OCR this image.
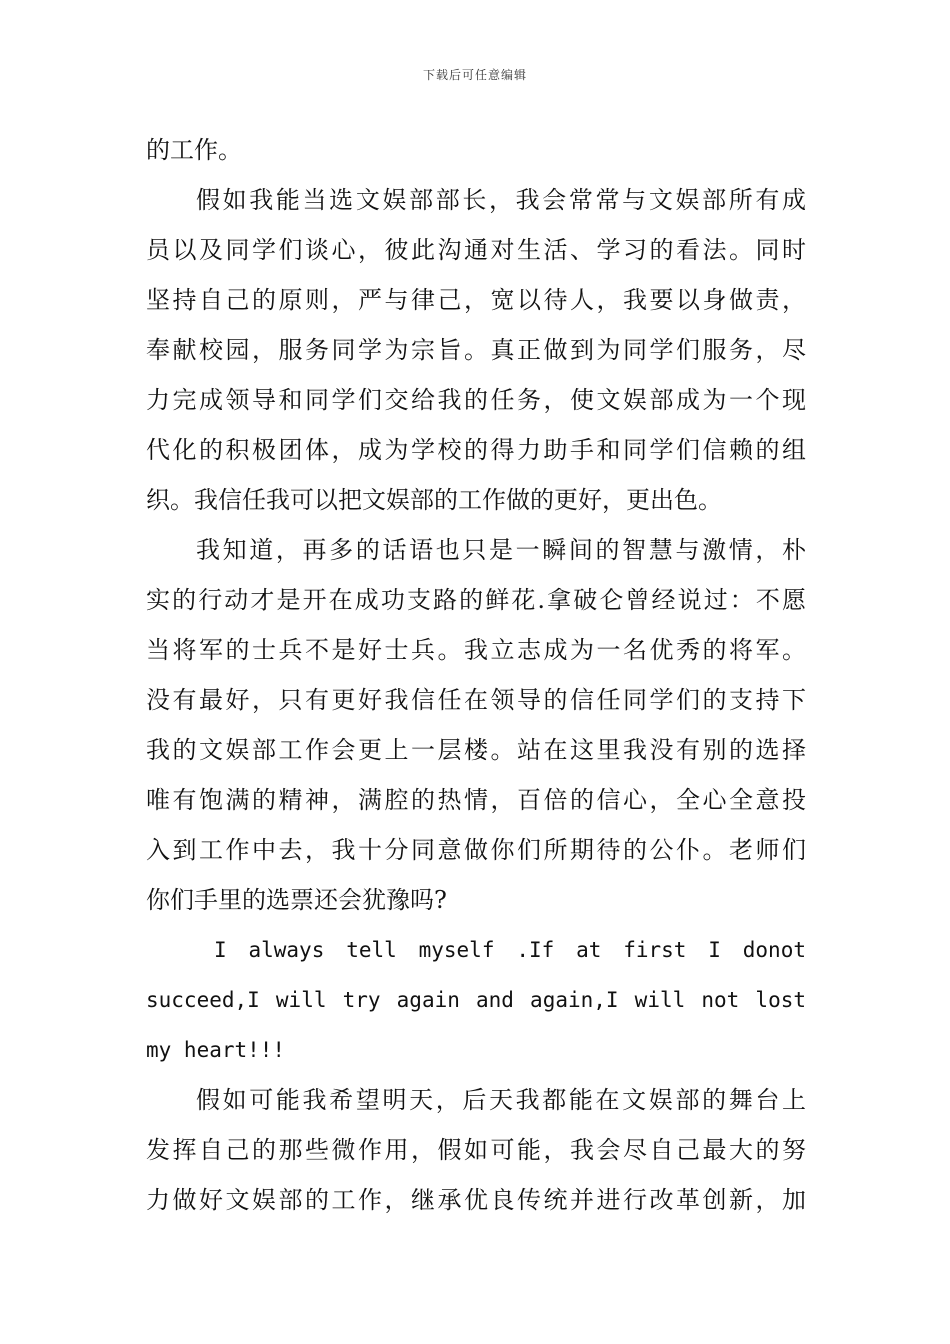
下载后可任意编辑
的工作。
假如我能当选文娱部部长，我会常常与文娱部所有成
员以及同学们谈心，彼此沟通对生活、学习的看法。同时
坚持自己的原则，严与律己，宽以待人，我要以身做责，
奉献校园，服务同学为宗旨。真正做到为同学们服务，尽
力完成领导和同学们交给我的任务，使文娱部成为一个现
代化的积极团体，成为学校的得力助手和同学们信赖的组
织。我信任我可以把文娱部的工作做的更好，更出色。
我知道，再多的话语也只是一瞬间的智慧与激情，朴
实的行动才是开在成功支路的鲜花.拿破仑曾经说过：不愿
当将军的士兵不是好士兵。我立志成为一名优秀的将军。
没有最好，只有更好我信任在领导的信任同学们的支持下
我的文娱部工作会更上一层楼。站在这里我没有别的选择
唯有饱满的精神，满腔的热情，百倍的信心，全心全意投
入到工作中去，我十分同意做你们所期待的公仆。老师们
你们手里的选票还会犹豫吗?
I always tell myself .If at first I donot
succeed,I will try again and again,I will not lost
my heart!!!
假如可能我希望明天，后天我都能在文娱部的舞台上
发挥自己的那些微作用，假如可能，我会尽自己最大的努
力做好文娱部的工作，继承优良传统并进行改革创新，加
